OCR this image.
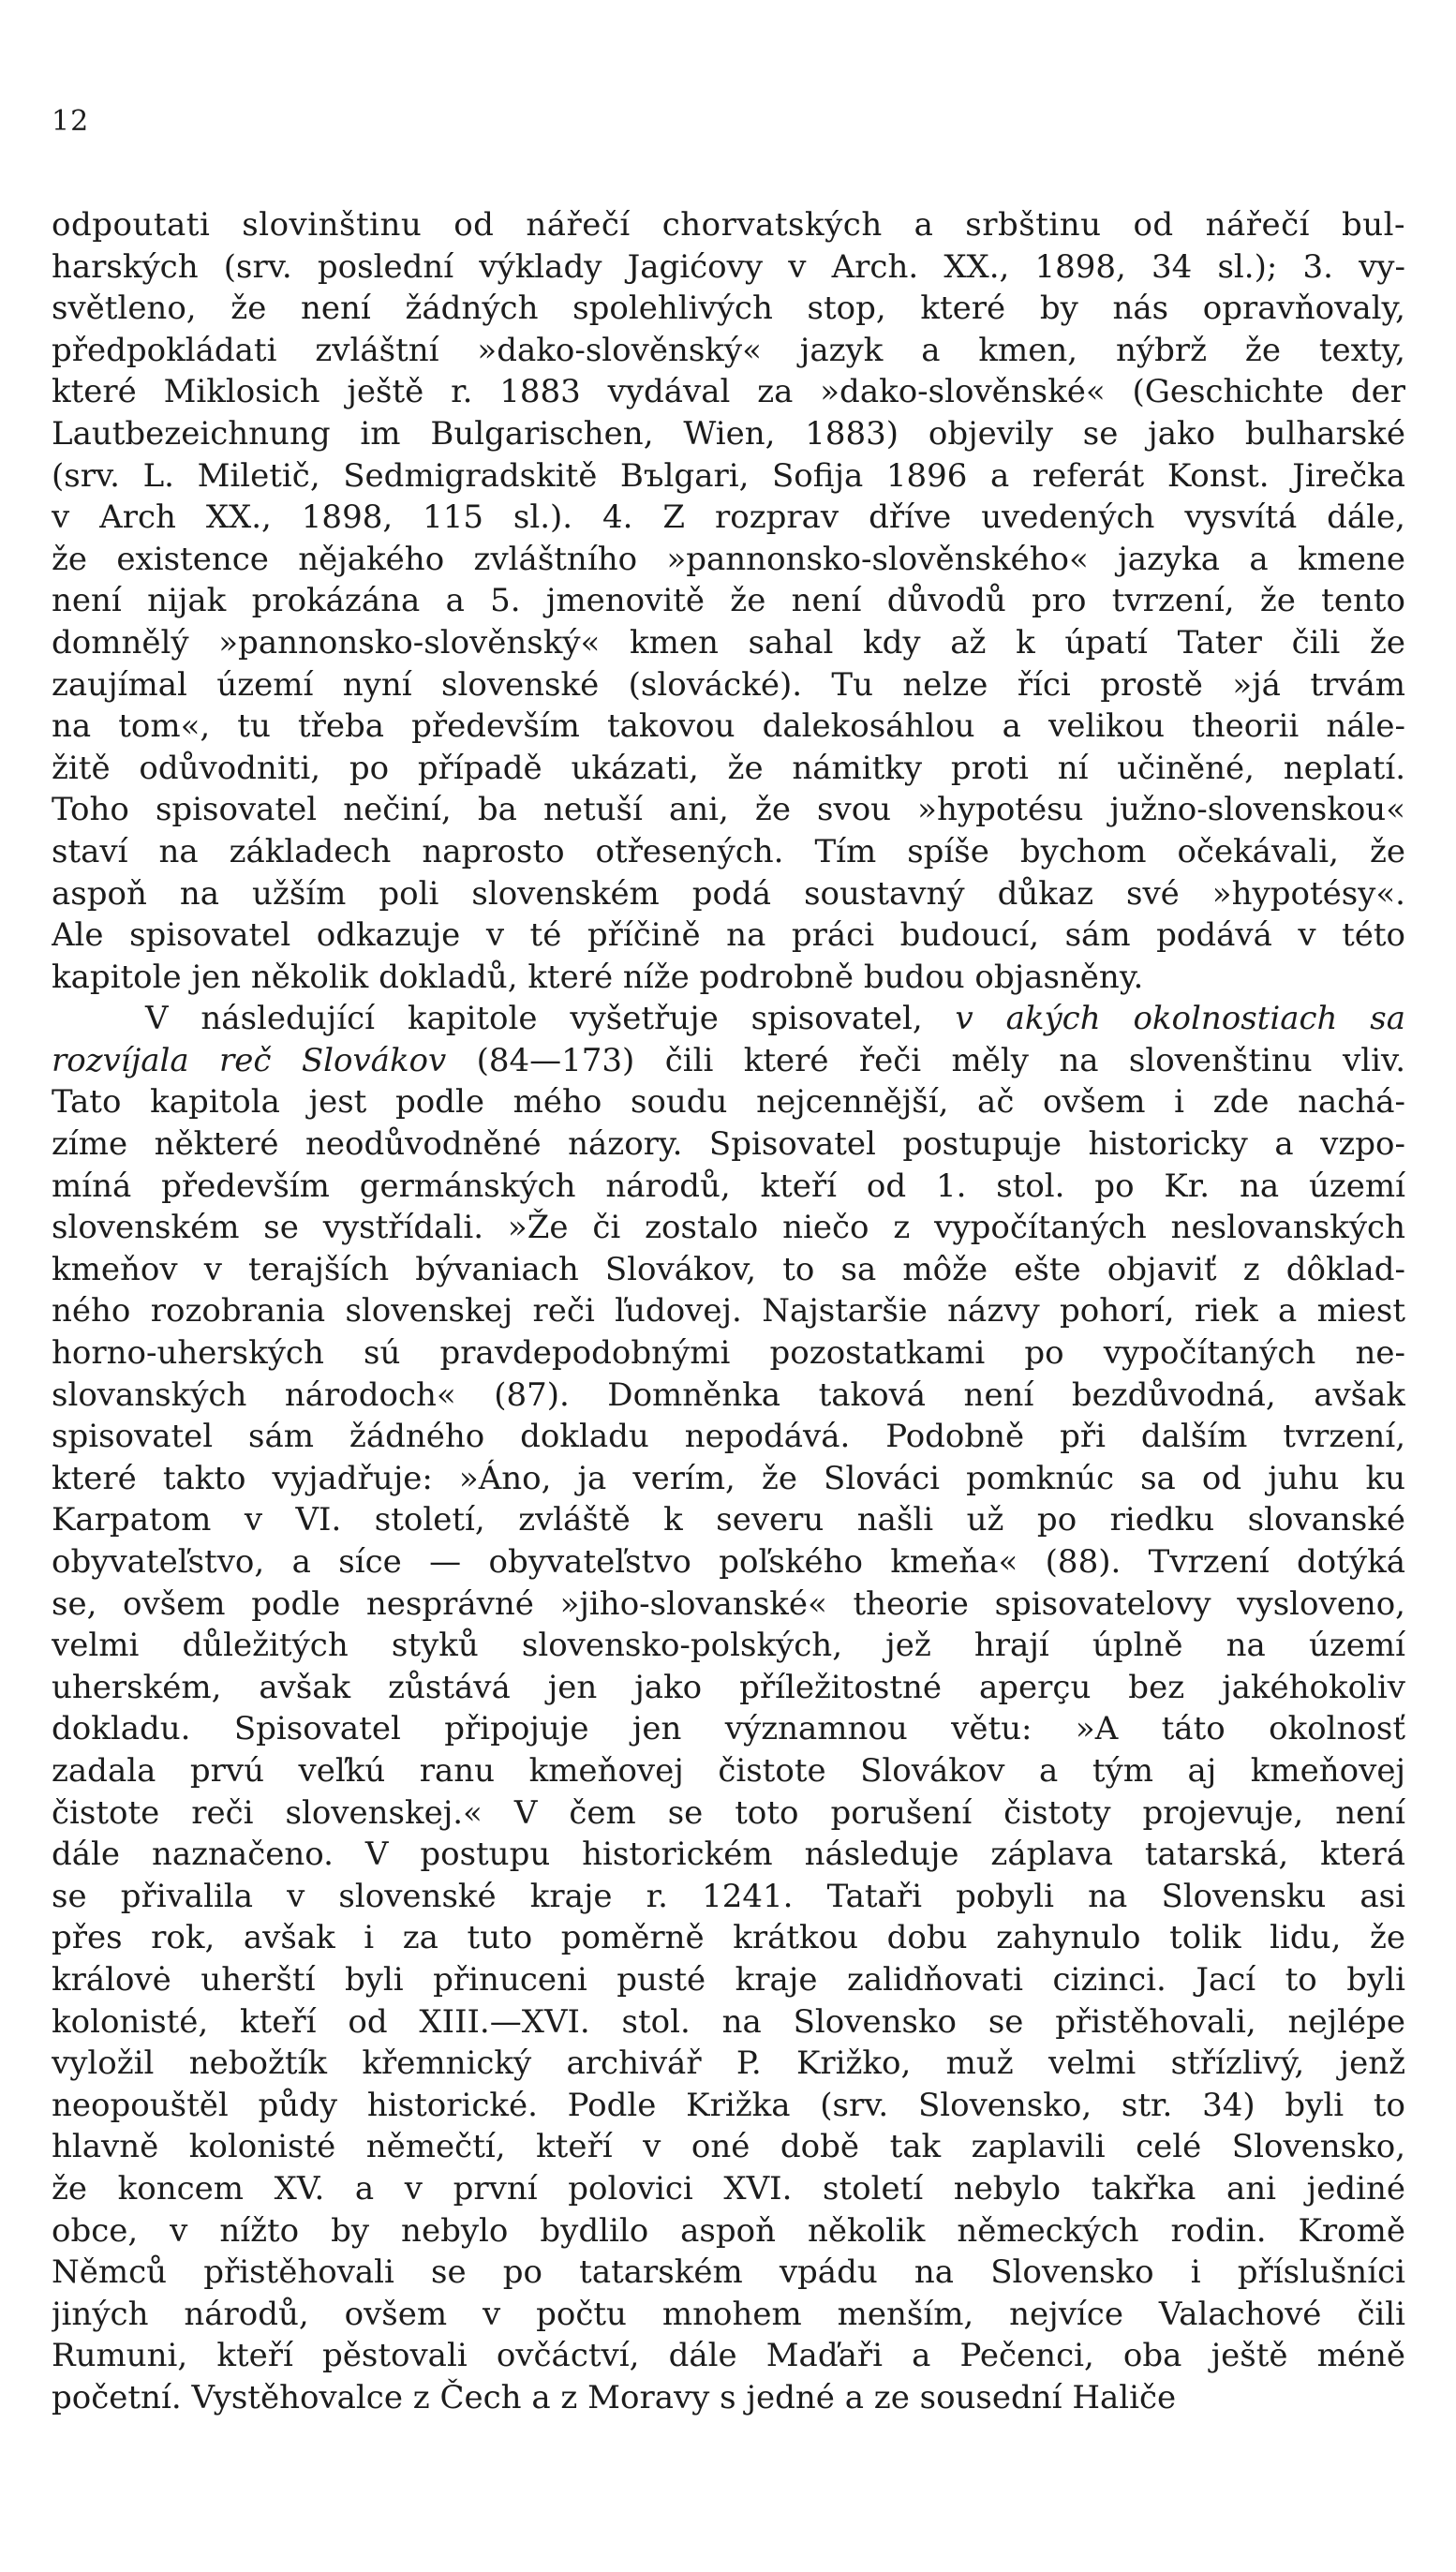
12
odpoutati slovinštinu od nářečí chorvatských a srbštinu od nářečí bul-
harských (srv. poslední výklady Jagićovy v Arch. XX., 1898, 34 sl.); 3. vy-
světleno, že není žádných spolehlivých stop, které by nás opravňovaly,
předpokládati zvláštní »dako-slověnský« jazyk a kmen, nýbrž že texty,
které Miklosich ještě r. 1883 vydával za »dako-slověnské« (Geschichte der
Lautbezeichnung im Bulgarischen, Wien, 1883) objevily se jako bulharské
(srv. L. Miletič, Sedmigradskitě Bъlgari, Sofija 1896 a referát Konst. Jirečka
v Arch XX., 1898, 115 sl.). 4. Z rozprav dříve uvedených vysvítá dále,
že existence nějakého zvláštního »pannonsko-slověnského« jazyka a kmene
není nijak prokázána a 5. jmenovitě že není důvodů pro tvrzení, že tento
domnělý »pannonsko-slověnský« kmen sahal kdy až k úpatí Tater čili že
zaujímal území nyní slovenské (slovácké). Tu nelze říci prostě »já trvám
na tom«, tu třeba především takovou dalekosáhlou a velikou theorii nále-
žitě odůvodniti, po případě ukázati, že námitky proti ní učiněné, neplatí.
Toho spisovatel nečiní, ba netuší ani, že svou »hypotésu južno-slovenskou«
staví na základech naprosto otřesených. Tím spíše bychom očekávali, že
aspoň na užším poli slovenském podá soustavný důkaz své »hypotésy«.
Ale spisovatel odkazuje v té příčině na práci budoucí, sám podává v této
kapitole jen několik dokladů, které níže podrobně budou objasněny.
V následující kapitole vyšetřuje spisovatel, v akých okolnostiach sa
rozvíjala reč Slovákov (84—173) čili které řeči měly na slovenštinu vliv.
Tato kapitola jest podle mého soudu nejcennější, ač ovšem i zde nachá-
zíme některé neodůvodněné názory. Spisovatel postupuje historicky a vzpo-
míná především germánských národů, kteří od 1. stol. po Kr. na území
slovenském se vystřídali. »Že či zostalo niečo z vypočítaných neslovanských
kmeňov v terajších bývaniach Slovákov, to sa môže ešte objaviť z dôklad-
ného rozobrania slovenskej reči ľudovej. Najstaršie názvy pohorí, riek a miest
horno-uherských sú pravdepodobnými pozostatkami po vypočítaných ne-
slovanských národoch« (87). Domněnka taková není bezdůvodná, avšak
spisovatel sám žádného dokladu nepodává. Podobně při dalším tvrzení,
které takto vyjadřuje: »Áno, ja verím, že Slováci pomknúc sa od juhu ku
Karpatom v VI. století, zvláště k severu našli už po riedku slovanské
obyvateľstvo, a síce — obyvateľstvo poľského kmeňa« (88). Tvrzení dotýká
se, ovšem podle nesprávné »jiho-slovanské« theorie spisovatelovy vysloveno,
velmi důležitých styků slovensko-polských, jež hrají úplně na území
uherském, avšak zůstává jen jako příležitostné aperçu bez jakéhokoliv
dokladu. Spisovatel připojuje jen významnou větu: »A táto okolnosť
zadala prvú veľkú ranu kmeňovej čistote Slovákov a tým aj kmeňovej
čistote reči slovenskej.« V čem se toto porušení čistoty projevuje, není
dále naznačeno. V postupu historickém následuje záplava tatarská, která
se přivalila v slovenské kraje r. 1241. Tataři pobyli na Slovensku asi
přes rok, avšak i za tuto poměrně krátkou dobu zahynulo tolik lidu, že
královė uherští byli přinuceni pusté kraje zalidňovati cizinci. Jací to byli
kolonisté, kteří od XIII.—XVI. stol. na Slovensko se přistěhovali, nejlépe
vyložil nebožtík křemnický archivář P. Križko, muž velmi střízlivý, jenž
neopouštěl půdy historické. Podle Križka (srv. Slovensko, str. 34) byli to
hlavně kolonisté němečtí, kteří v oné době tak zaplavili celé Slovensko,
že koncem XV. a v první polovici XVI. století nebylo takřka ani jediné
obce, v nížto by nebylo bydlilo aspoň několik německých rodin. Kromě
Němců přistěhovali se po tatarském vpádu na Slovensko i příslušníci
jiných národů, ovšem v počtu mnohem menším, nejvíce Valachové čili
Rumuni, kteří pěstovali ovčáctví, dále Maďaři a Pečenci, oba ještě méně
početní. Vystěhovalce z Čech a z Moravy s jedné a ze sousední Haliče
